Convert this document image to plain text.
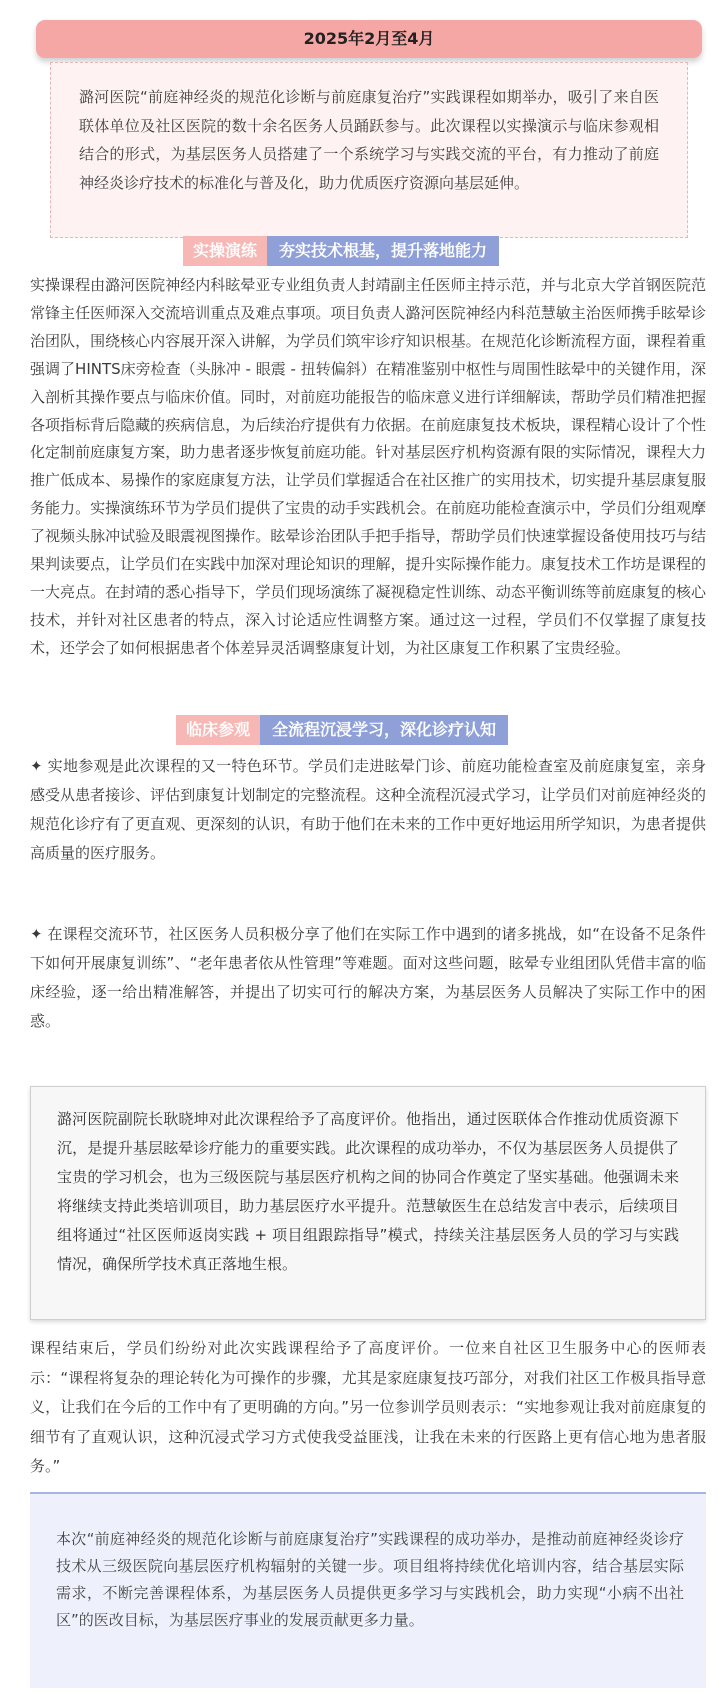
2025年2月至4月
潞河医院“前庭神经炎的规范化诊断与前庭康复治疗”实践课程如期举办，吸引了来自医联体单位及社区医院的数十余名医务人员踊跃参与。此次课程以实操演示与临床参观相结合的形式，为基层医务人员搭建了一个系统学习与实践交流的平台，有力推动了前庭神经炎诊疗技术的标准化与普及化，助力优质医疗资源向基层延伸。
实操演练	夯实技术根基，提升落地能力
实操课程由潞河医院神经内科眩晕亚专业组负责人封靖副主任医师主持示范，并与北京大学首钢医院范常锋主任医师深入交流培训重点及难点事项。项目负责人潞河医院神经内科范慧敏主治医师携手眩晕诊治团队，围绕核心内容展开深入讲解，为学员们筑牢诊疗知识根基。在规范化诊断流程方面，课程着重强调了HINTS床旁检查（头脉冲 - 眼震 - 扭转偏斜）在精准鉴别中枢性与周围性眩晕中的关键作用，深入剖析其操作要点与临床价值。同时，对前庭功能报告的临床意义进行详细解读，帮助学员们精准把握各项指标背后隐藏的疾病信息，为后续治疗提供有力依据。在前庭康复技术板块，课程精心设计了个性化定制前庭康复方案，助力患者逐步恢复前庭功能。针对基层医疗机构资源有限的实际情况，课程大力推广低成本、易操作的家庭康复方法，让学员们掌握适合在社区推广的实用技术，切实提升基层康复服务能力。实操演练环节为学员们提供了宝贵的动手实践机会。在前庭功能检查演示中，学员们分组观摩了视频头脉冲试验及眼震视图操作。眩晕诊治团队手把手指导，帮助学员们快速掌握设备使用技巧与结果判读要点，让学员们在实践中加深对理论知识的理解，提升实际操作能力。康复技术工作坊是课程的一大亮点。在封靖的悉心指导下，学员们现场演练了凝视稳定性训练、动态平衡训练等前庭康复的核心技术，并针对社区患者的特点，深入讨论适应性调整方案。通过这一过程，学员们不仅掌握了康复技术，还学会了如何根据患者个体差异灵活调整康复计划，为社区康复工作积累了宝贵经验。
临床参观	全流程沉浸学习，深化诊疗认知
✦ 实地参观是此次课程的又一特色环节。学员们走进眩晕门诊、前庭功能检查室及前庭康复室，亲身感受从患者接诊、评估到康复计划制定的完整流程。这种全流程沉浸式学习，让学员们对前庭神经炎的规范化诊疗有了更直观、更深刻的认识，有助于他们在未来的工作中更好地运用所学知识，为患者提供高质量的医疗服务。
✦ 在课程交流环节，社区医务人员积极分享了他们在实际工作中遇到的诸多挑战，如“在设备不足条件下如何开展康复训练”、“老年患者依从性管理”等难题。面对这些问题，眩晕专业组团队凭借丰富的临床经验，逐一给出精准解答，并提出了切实可行的解决方案，为基层医务人员解决了实际工作中的困惑。
潞河医院副院长耿晓坤对此次课程给予了高度评价。他指出，通过医联体合作推动优质资源下沉，是提升基层眩晕诊疗能力的重要实践。此次课程的成功举办，不仅为基层医务人员提供了宝贵的学习机会，也为三级医院与基层医疗机构之间的协同合作奠定了坚实基础。他强调未来将继续支持此类培训项目，助力基层医疗水平提升。范慧敏医生在总结发言中表示，后续项目组将通过“社区医师返岗实践 + 项目组跟踪指导”模式，持续关注基层医务人员的学习与实践情况，确保所学技术真正落地生根。
课程结束后，学员们纷纷对此次实践课程给予了高度评价。一位来自社区卫生服务中心的医师表示：“课程将复杂的理论转化为可操作的步骤，尤其是家庭康复技巧部分，对我们社区工作极具指导意义，让我们在今后的工作中有了更明确的方向。”另一位参训学员则表示：“实地参观让我对前庭康复的细节有了直观认识，这种沉浸式学习方式使我受益匪浅，让我在未来的行医路上更有信心地为患者服务。”
本次“前庭神经炎的规范化诊断与前庭康复治疗”实践课程的成功举办，是推动前庭神经炎诊疗技术从三级医院向基层医疗机构辐射的关键一步。项目组将持续优化培训内容，结合基层实际需求，不断完善课程体系，为基层医务人员提供更多学习与实践机会，助力实现“小病不出社区”的医改目标，为基层医疗事业的发展贡献更多力量。
